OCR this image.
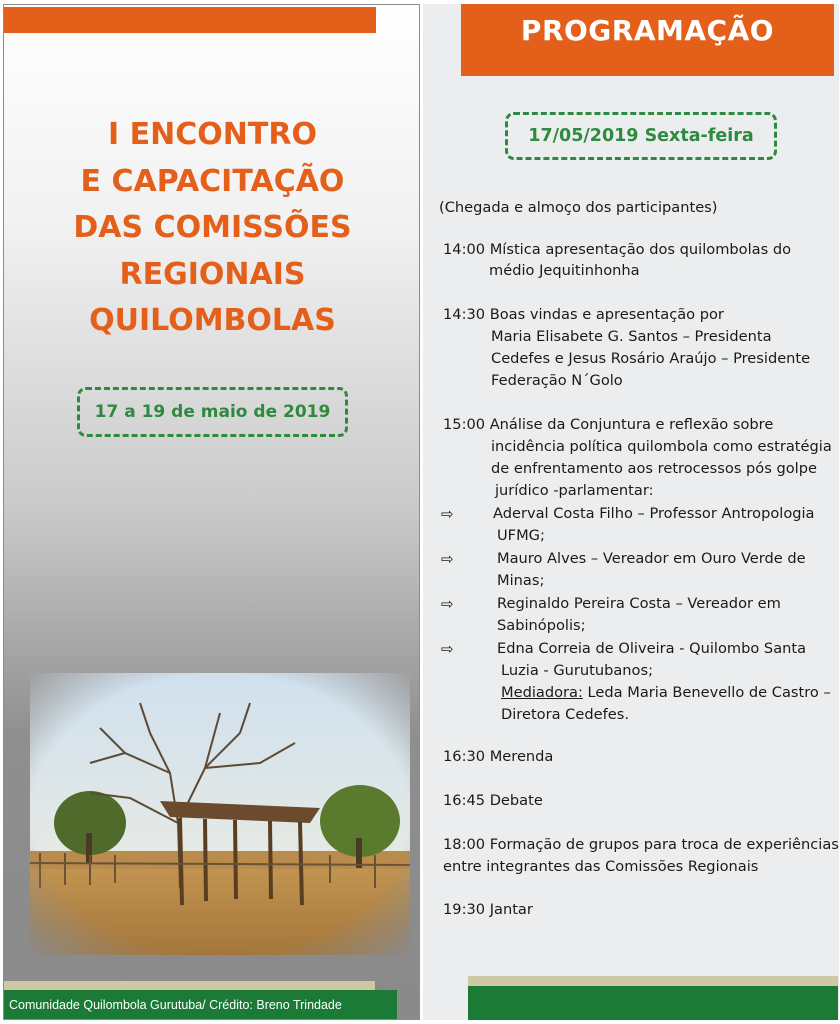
I ENCONTRO
E CAPACITAÇÃO
DAS COMISSÕES
REGIONAIS
QUILOMBOLAS
17 a 19 de maio de 2019
Comunidade Quilombola Gurutuba/ Crédito: Breno Trindade
PROGRAMAÇÃO
17/05/2019 Sexta-feira
(Chegada e almoço dos participantes)
14:00 Mística apresentação dos quilombolas do
médio Jequitinhonha
14:30 Boas vindas e apresentação por
Maria Elisabete G. Santos – Presidenta
Cedefes e Jesus Rosário Araújo – Presidente
Federação N´Golo
15:00 Análise da Conjuntura e reflexão sobre
incidência política quilombola como estratégia
de enfrentamento aos retrocessos pós golpe
jurídico -parlamentar:
⇨	Aderval Costa Filho – Professor Antropologia
UFMG;
⇨	Mauro Alves – Vereador em Ouro Verde de
Minas;
⇨	Reginaldo Pereira Costa – Vereador em
Sabinópolis;
⇨	Edna Correia de Oliveira - Quilombo Santa
Luzia - Gurutubanos;
Mediadora: Leda Maria Benevello de Castro –
Diretora Cedefes.
16:30 Merenda
16:45 Debate
18:00 Formação de grupos para troca de experiências
entre integrantes das Comissões Regionais
19:30 Jantar
